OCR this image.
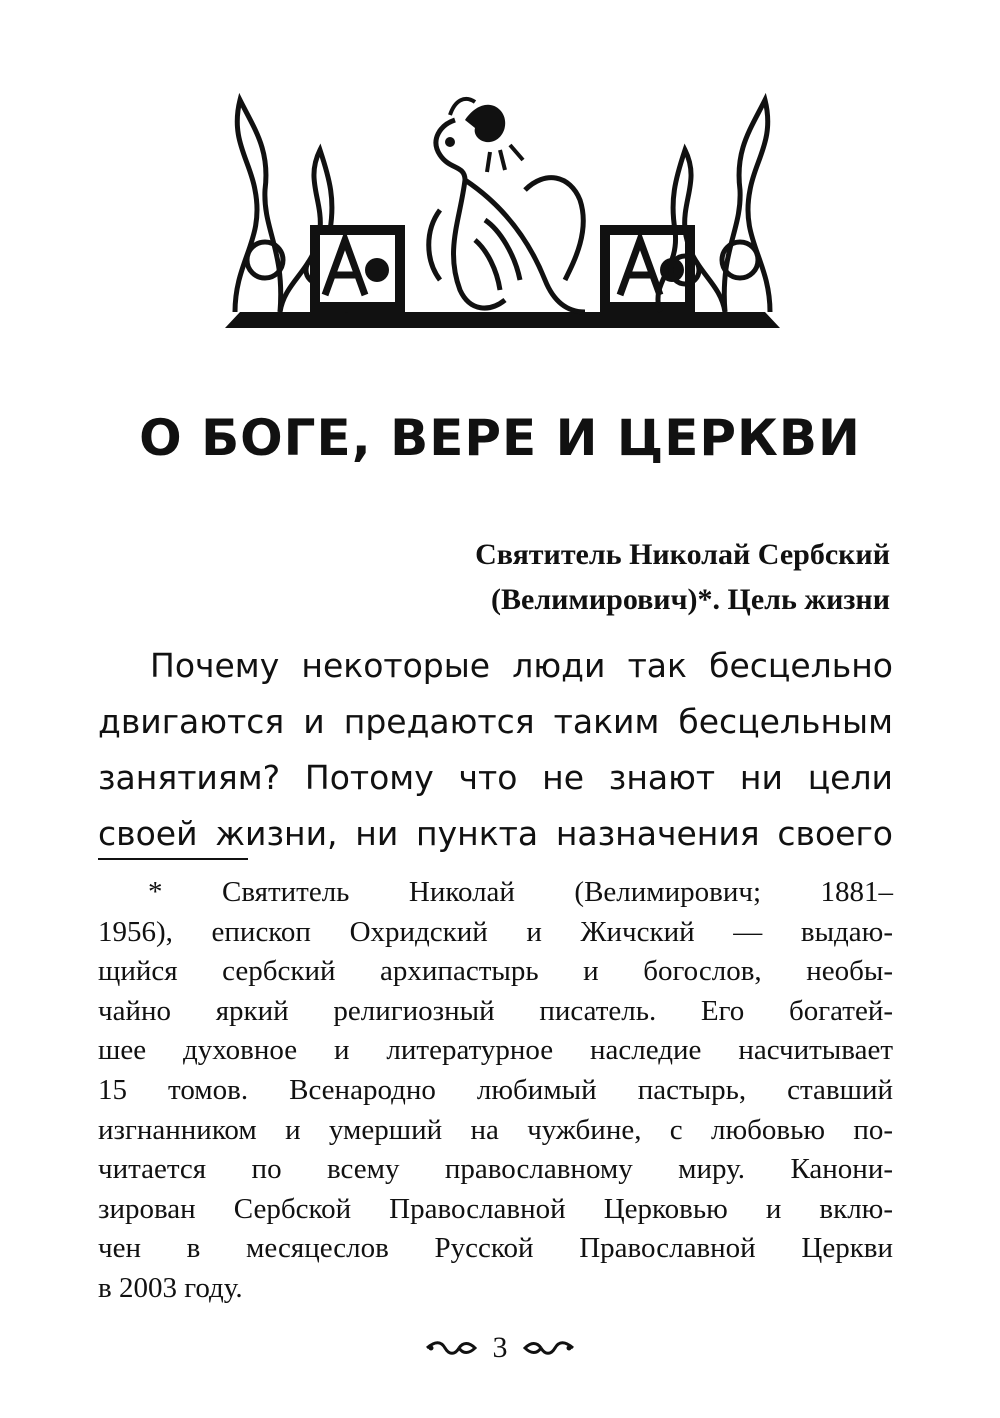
О БОГЕ, ВЕРЕ И ЦЕРКВИ
Святитель Николай Сербский
(Велимирович)*. Цель жизни
Почему некоторые люди так бесцельно
двигаются и предаются таким бесцельным
занятиям? Потому что не знают ни цели
своей жизни, ни пункта назначения своего
* Святитель Николай (Велимирович; 1881–
1956), епископ Охридский и Жичский — выдаю-
щийся сербский архипастырь и богослов, необы-
чайно яркий религиозный писатель. Его богатей-
шее духовное и литературное наследие насчитывает
15 томов. Всенародно любимый пастырь, ставший
изгнанником и умерший на чужбине, с любовью по-
читается по всему православному миру. Канони-
зирован Сербской Православной Церковью и вклю-
чен в месяцеслов Русской Православной Церкви
в 2003 году.
3
